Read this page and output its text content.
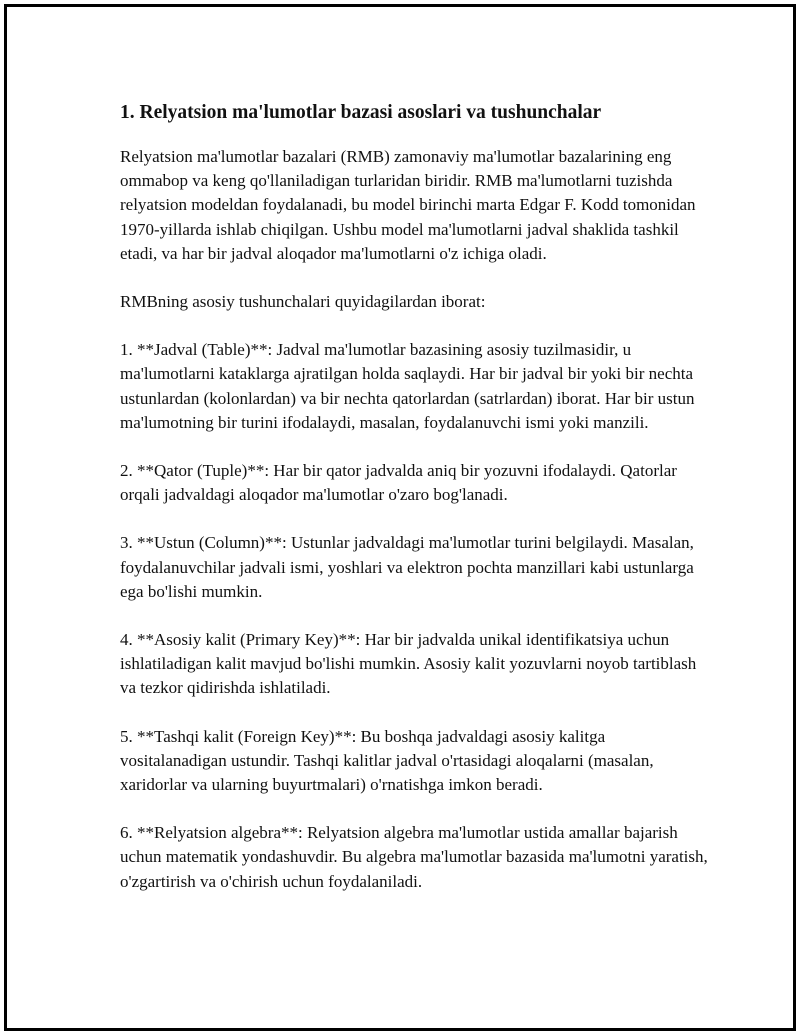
1. Relyatsion ma'lumotlar bazasi asoslari va tushunchalar

Relyatsion ma'lumotlar bazalari (RMB) zamonaviy ma'lumotlar bazalarining eng ommabop va keng qo'llaniladigan turlaridan biridir. RMB ma'lumotlarni tuzishda relyatsion modeldan foydalanadi, bu model birinchi marta Edgar F. Kodd tomonidan 1970-yillarda ishlab chiqilgan. Ushbu model ma'lumotlarni jadval shaklida tashkil etadi, va har bir jadval aloqador ma'lumotlarni o'z ichiga oladi.

RMBning asosiy tushunchalari quyidagilardan iborat:

1. **Jadval (Table)**: Jadval ma'lumotlar bazasining asosiy tuzilmasidir, u ma'lumotlarni kataklarga ajratilgan holda saqlaydi. Har bir jadval bir yoki bir nechta ustunlardan (kolonlardan) va bir nechta qatorlardan (satrlardan) iborat. Har bir ustun ma'lumotning bir turini ifodalaydi, masalan, foydalanuvchi ismi yoki manzili.

2. **Qator (Tuple)**: Har bir qator jadvalda aniq bir yozuvni ifodalaydi. Qatorlar orqali jadvaldagi aloqador ma'lumotlar o'zaro bog'lanadi.

3. **Ustun (Column)**: Ustunlar jadvaldagi ma'lumotlar turini belgilaydi. Masalan, foydalanuvchilar jadvali ismi, yoshlari va elektron pochta manzillari kabi ustunlarga ega bo'lishi mumkin.

4. **Asosiy kalit (Primary Key)**: Har bir jadvalda unikal identifikatsiya uchun ishlatiladigan kalit mavjud bo'lishi mumkin. Asosiy kalit yozuvlarni noyob tartiblash va tezkor qidirishda ishlatiladi.

5. **Tashqi kalit (Foreign Key)**: Bu boshqa jadvaldagi asosiy kalitga vositalanadigan ustundir. Tashqi kalitlar jadval o'rtasidagi aloqalarni (masalan, xaridorlar va ularning buyurtmalari) o'rnatishga imkon beradi.

6. **Relyatsion algebra**: Relyatsion algebra ma'lumotlar ustida amallar bajarish uchun matematik yondashuvdir. Bu algebra ma'lumotlar bazasida ma'lumotni yaratish, o'zgartirish va o'chirish uchun foydalaniladi.
